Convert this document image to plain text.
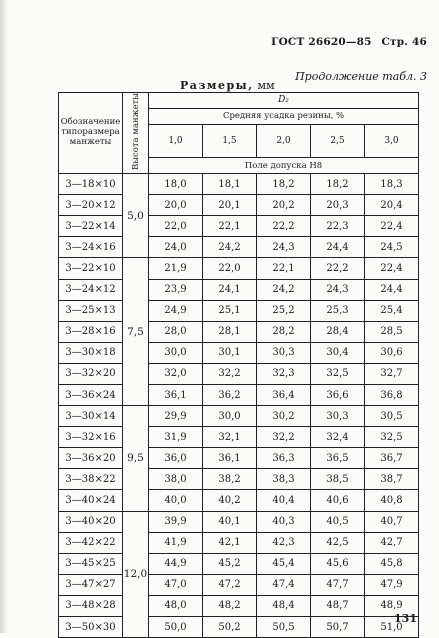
ГОСТ 26620—85 Стр. 46
Продолжение табл. 3
Размеры, мм
Обозначение типоразмера манжеты	Высота манжеты	D₂				
		Средняя усадка резины, %				
		1,0	1,5	2,0	2,5	3,0
		Поле допуска H8				
3—18×10	5,0	18,0	18,1	18,2	18,2	18,3
3—20×12		20,0	20,1	20,2	20,3	20,4
3—22×14		22,0	22,1	22,2	22,3	22,4
3—24×16		24,0	24,2	24,3	24,4	24,5
3—22×10	7,5	21,9	22,0	22,1	22,2	22,4
3—24×12		23,9	24,1	24,2	24,3	24,4
3—25×13		24,9	25,1	25,2	25,3	25,4
3—28×16		28,0	28,1	28,2	28,4	28,5
3—30×18		30,0	30,1	30,3	30,4	30,6
3—32×20		32,0	32,2	32,3	32,5	32,7
3—36×24		36,1	36,2	36,4	36,6	36,8
3—30×14	9,5	29,9	30,0	30,2	30,3	30,5
3—32×16		31,9	32,1	32,2	32,4	32,5
3—36×20		36,0	36,1	36,3	36,5	36,7
3—38×22		38,0	38,2	38,3	38,5	38,7
3—40×24		40,0	40,2	40,4	40,6	40,8
3—40×20	12,0	39,9	40,1	40,3	40,5	40,7
3—42×22		41,9	42,1	42,3	42,5	42,7
3—45×25		44,9	45,2	45,4	45,6	45,8
3—47×27		47,0	47,2	47,4	47,7	47,9
3—48×28		48,0	48,2	48,4	48,7	48,9
3—50×30		50,0	50,2	50,5	50,7	51,0
131
